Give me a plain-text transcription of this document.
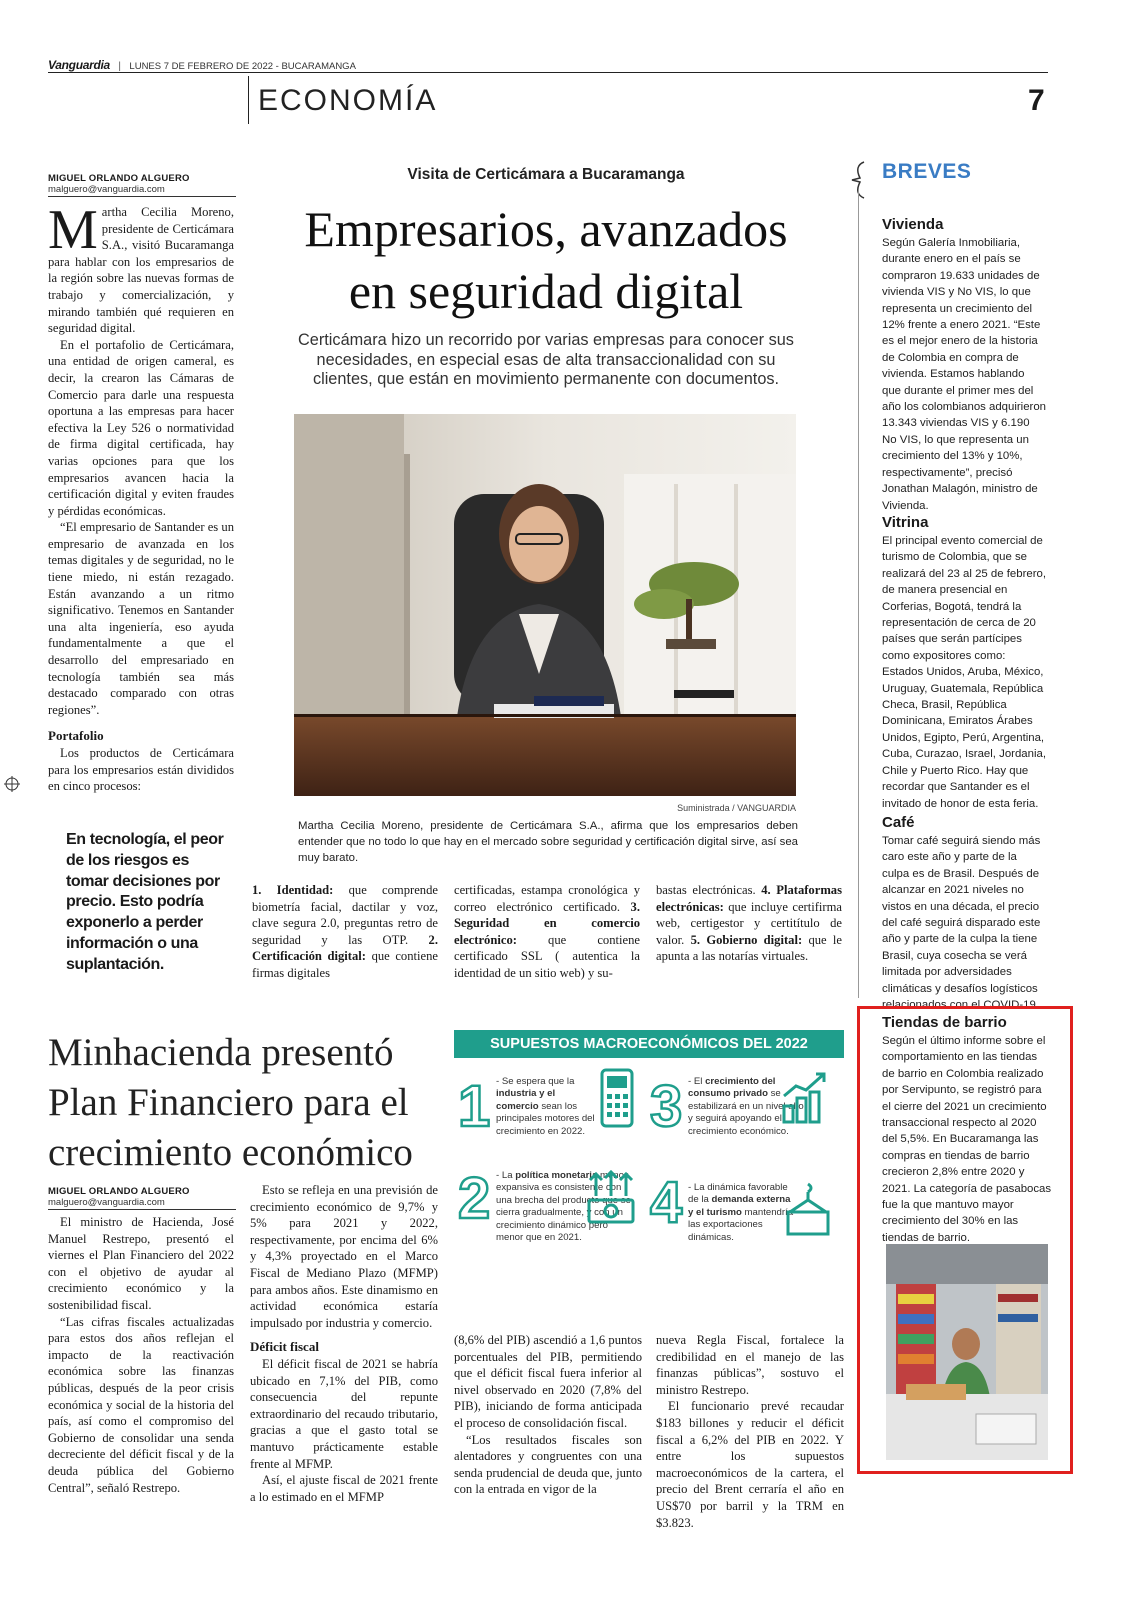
Vanguardia | LUNES 7 DE FEBRERO DE 2022 - BUCARAMANGA
ECONOMÍA	7
MIGUEL ORLANDO ALGUERO
malguero@vanguardia.com

Martha Cecilia Moreno, presidente de Certicámara S.A., visitó Bucaramanga para hablar con los empresarios de la región sobre las nuevas formas de trabajo y comercialización, y mirando también qué requieren en seguridad digital.

En el portafolio de Certicámara, una entidad de origen cameral, es decir, la crearon las Cámaras de Comercio para darle una respuesta oportuna a las empresas para hacer efectiva la Ley 526 o normatividad de firma digital certificada, hay varias opciones para que los empresarios avancen hacia la certificación digital y eviten fraudes y pérdidas económicas.

“El empresario de Santander es un empresario de avanzada en los temas digitales y de seguridad, no le tiene miedo, ni están rezagado. Están avanzando a un ritmo significativo. Tenemos en Santander una alta ingeniería, eso ayuda fundamentalmente a que el desarrollo del empresariado en tecnología también sea más destacado comparado con otras regiones”.

Portafolio

Los productos de Certicámara para los empresarios están divididos en cinco procesos:

En tecnología, el peor de los riesgos es tomar decisiones por precio. Esto podría exponerlo a perder información o una suplantación.
Visita de Certicámara a Bucaramanga
Empresarios, avanzados
en seguridad digital
Certicámara hizo un recorrido por varias empresas para conocer sus necesidades, en especial esas de alta transaccionalidad con su clientes, que están en movimiento permanente con documentos.
Suministrada / VANGUARDIA
Martha Cecilia Moreno, presidente de Certicámara S.A., afirma que los empresarios deben entender que no todo lo que hay en el mercado sobre seguridad y certificación digital sirve, así sea muy barato.

1. Identidad: que comprende biometría facial, dactilar y voz, clave segura 2.0, preguntas retro de seguridad y las OTP. 2. Certificación digital: que contiene firmas digitales

certificadas, estampa cronológica y correo electrónico certificado. 3. Seguridad en comercio electrónico: que contiene certificado SSL ( autentica la identidad de un sitio web) y su-

bastas electrónicas. 4. Plataformas electrónicas: que incluye certifirma web, certigestor y certitítulo de valor. 5. Gobierno digital: que le apunta a las notarías virtuales.

BREVES
Vivienda
Según Galería Inmobiliaria, durante enero en el país se compraron 19.633 unidades de vivienda VIS y No VIS, lo que representa un crecimiento del 12% frente a enero 2021. “Este es el mejor enero de la historia de Colombia en compra de vivienda. Estamos hablando que durante el primer mes del año los colombianos adquirieron 13.343 viviendas VIS y 6.190 No VIS, lo que representa un crecimiento del 13% y 10%, respectivamente”, precisó Jonathan Malagón, ministro de Vivienda.
Vitrina
El principal evento comercial de turismo de Colombia, que se realizará del 23 al 25 de febrero, de manera presencial en Corferias, Bogotá, tendrá la representación de cerca de 20 países que serán partícipes como expositores como: Estados Unidos, Aruba, México, Uruguay, Guatemala, República Checa, Brasil, República Dominicana, Emiratos Árabes Unidos, Egipto, Perú, Argentina, Cuba, Curazao, Israel, Jordania, Chile y Puerto Rico. Hay que recordar que Santander es el invitado de honor de esta feria.
Café
Tomar café seguirá siendo más caro este año y parte de la culpa es de Brasil. Después de alcanzar en 2021 niveles no vistos en una década, el precio del café seguirá disparado este año y parte de la culpa la tiene Brasil, cuya cosecha se verá limitada por adversidades climáticas y desafíos logísticos relacionados con el COVID-19.
Tiendas de barrio
Según el último informe sobre el comportamiento en las tiendas de barrio en Colombia realizado por Servipunto, se registró para el cierre del 2021 un crecimiento transaccional respecto al 2020 del 5,5%. En Bucaramanga las compras en tiendas de barrio crecieron 2,8% entre 2020 y 2021. La categoría de pasabocas fue la que mantuvo mayor crecimiento del 30% en las tiendas de barrio.
Minhacienda presentó
Plan Financiero para el
crecimiento económico
MIGUEL ORLANDO ALGUERO
malguero@vanguardia.com

El ministro de Hacienda, José Manuel Restrepo, presentó el viernes el Plan Financiero del 2022 con el objetivo de ayudar al crecimiento económico y la sostenibilidad fiscal.

“Las cifras fiscales actualizadas para estos dos años reflejan el impacto de la reactivación económica sobre las finanzas públicas, después de la peor crisis económica y social de la historia del país, así como el compromiso del Gobierno de consolidar una senda decreciente del déficit fiscal y de la deuda pública del Gobierno Central”, señaló Restrepo.

Esto se refleja en una previsión de crecimiento económico de 9,7% y 5% para 2021 y 2022, respectivamente, por encima del 6% y 4,3% proyectado en el Marco Fiscal de Mediano Plazo (MFMP) para ambos años. Este dinamismo en actividad económica estaría impulsado por industria y comercio.

Déficit fiscal

El déficit fiscal de 2021 se habría ubicado en 7,1% del PIB, como consecuencia del repunte extraordinario del recaudo tributario, gracias a que el gasto total se mantuvo prácticamente estable frente al MFMP.

Así, el ajuste fiscal de 2021 frente a lo estimado en el MFMP

(8,6% del PIB) ascendió a 1,6 puntos porcentuales del PIB, permitiendo que el déficit fiscal fuera inferior al nivel observado en 2020 (7,8% del PIB), iniciando de forma anticipada el proceso de consolidación fiscal.

“Los resultados fiscales son alentadores y congruentes con una senda prudencial de deuda que, junto con la entrada en vigor de la

nueva Regla Fiscal, fortalece la credibilidad en el manejo de las finanzas públicas”, sostuvo el ministro Restrepo.

El funcionario prevé recaudar $183 billones y reducir el déficit fiscal a 6,2% del PIB en 2022. Y entre los supuestos macroeconómicos de la cartera, el precio del Brent cerraría el año en US$70 por barril y la TRM en $3.823.

SUPUESTOS MACROECONÓMICOS DEL 2022
1 - Se espera que la industria y el comercio sean los principales motores del crecimiento en 2022. 3 - El crecimiento del consumo privado se estabilizará en un nivel alto y seguirá apoyando el crecimiento económico.
2 - La política monetaria menos expansiva es consistente con una brecha del producto que se cierra gradualmente, y con un crecimiento dinámico pero menor que en 2021.
4 - La dinámica favorable de la demanda externa y el turismo mantendría las exportaciones dinámicas.
